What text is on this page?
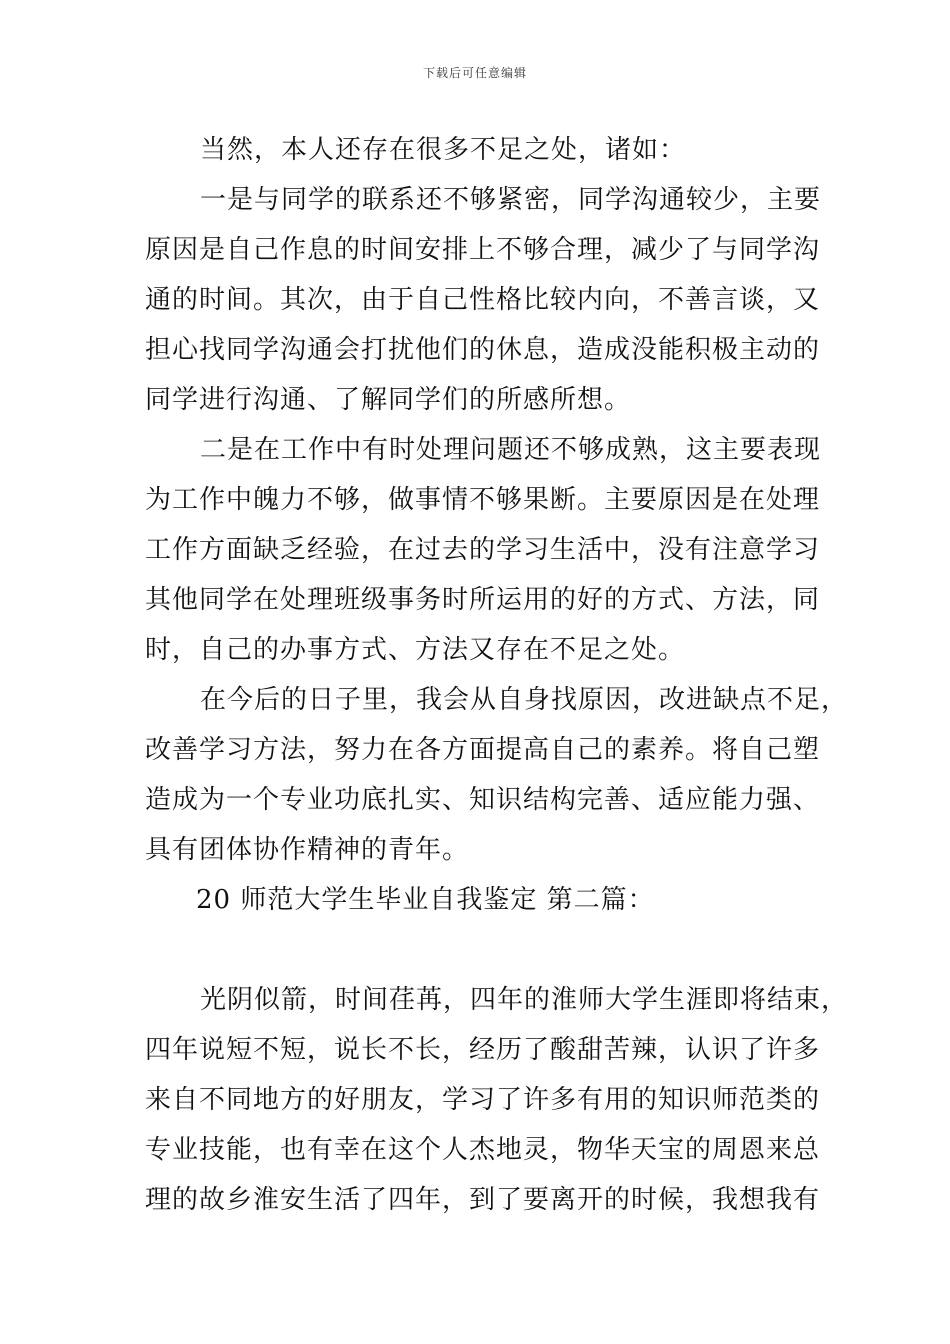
下载后可任意编辑
当然，本人还存在很多不足之处，诸如：
一是与同学的联系还不够紧密，同学沟通较少，主要
原因是自己作息的时间安排上不够合理，减少了与同学沟
通的时间。其次，由于自己性格比较内向，不善言谈，又
担心找同学沟通会打扰他们的休息，造成没能积极主动的
同学进行沟通、了解同学们的所感所想。
二是在工作中有时处理问题还不够成熟，这主要表现
为工作中魄力不够，做事情不够果断。主要原因是在处理
工作方面缺乏经验，在过去的学习生活中，没有注意学习
其他同学在处理班级事务时所运用的好的方式、方法，同
时，自己的办事方式、方法又存在不足之处。
在今后的日子里，我会从自身找原因，改进缺点不足，
改善学习方法，努力在各方面提高自己的素养。将自己塑
造成为一个专业功底扎实、知识结构完善、适应能力强、
具有团体协作精神的青年。
20 师范大学生毕业自我鉴定 第二篇：
光阴似箭，时间荏苒，四年的淮师大学生涯即将结束，
四年说短不短，说长不长，经历了酸甜苦辣，认识了许多
来自不同地方的好朋友，学习了许多有用的知识师范类的
专业技能，也有幸在这个人杰地灵，物华天宝的周恩来总
理的故乡淮安生活了四年，到了要离开的时候，我想我有
